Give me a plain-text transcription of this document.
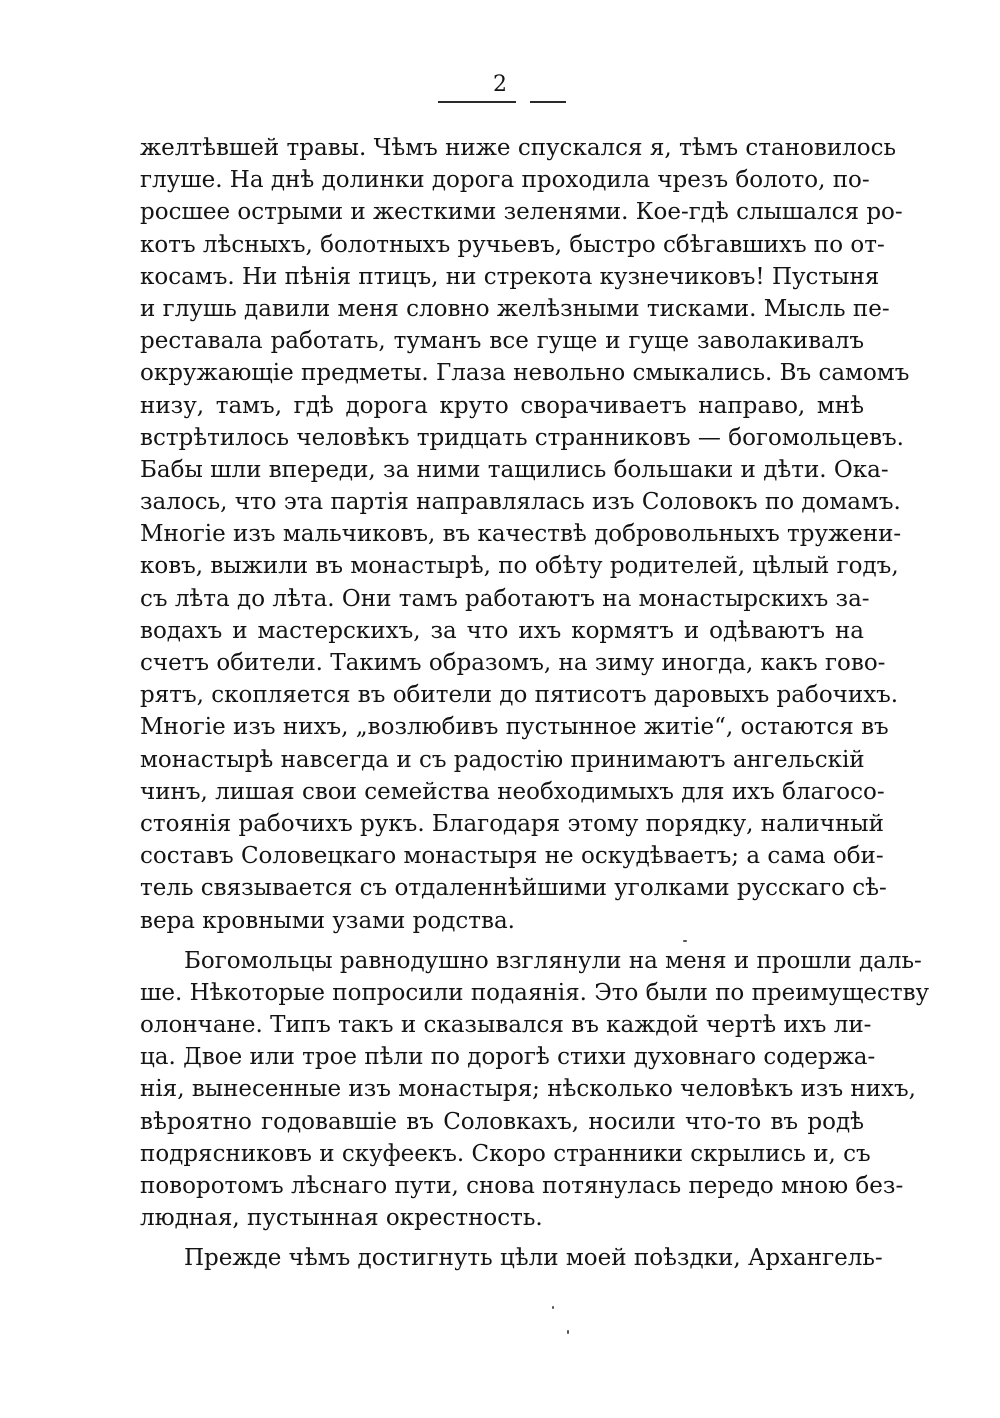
2
желтѣвшей травы. Чѣмъ ниже спускался я, тѣмъ становилось
глуше. На днѣ долинки дорога проходила чрезъ болото, по-
росшее острыми и жесткими зеленями. Кое-гдѣ слышался ро-
котъ лѣсныхъ, болотныхъ ручьевъ, быстро сбѣгавшихъ по от-
косамъ. Ни пѣнія птицъ, ни стрекота кузнечиковъ! Пустыня
и глушь давили меня словно желѣзными тисками. Мысль пе-
реставала работать, туманъ все гуще и гуще заволакивалъ
окружающіе предметы. Глаза невольно смыкались. Въ самомъ
низу, тамъ, гдѣ дорога круто сворачиваетъ направо, мнѣ
встрѣтилось человѣкъ тридцать странниковъ — богомольцевъ.
Бабы шли впереди, за ними тащились большаки и дѣти. Ока-
залось, что эта партія направлялась изъ Соловокъ по домамъ.
Многіе изъ мальчиковъ, въ качествѣ добровольныхъ тружени-
ковъ, выжили въ монастырѣ, по обѣту родителей, цѣлый годъ,
съ лѣта до лѣта. Они тамъ работаютъ на монастырскихъ за-
водахъ и мастерскихъ, за что ихъ кормятъ и одѣваютъ на
счетъ обители. Такимъ образомъ, на зиму иногда, какъ гово-
рятъ, скопляется въ обители до пятисотъ даровыхъ рабочихъ.
Многіе изъ нихъ, „возлюбивъ пустынное житіе“, остаются въ
монастырѣ навсегда и съ радостію принимаютъ ангельскій
чинъ, лишая свои семейства необходимыхъ для ихъ благосо-
стоянія рабочихъ рукъ. Благодаря этому порядку, наличный
составъ Соловецкаго монастыря не оскудѣваетъ; а сама оби-
тель связывается съ отдаленнѣйшими уголками русскаго сѣ-
вера кровными узами родства.
Богомольцы равнодушно взглянули на меня и прошли даль-
ше. Нѣкоторые попросили подаянія. Это были по преимуществу
олончане. Типъ такъ и сказывался въ каждой чертѣ ихъ ли-
ца. Двое или трое пѣли по дорогѣ стихи духовнаго содержа-
нія, вынесенные изъ монастыря; нѣсколько человѣкъ изъ нихъ,
вѣроятно годовавшіе въ Соловкахъ, носили что-то въ родѣ
подрясниковъ и скуфеекъ. Скоро странники скрылись и, съ
поворотомъ лѣснаго пути, снова потянулась передо мною без-
людная, пустынная окрестность.
Прежде чѣмъ достигнуть цѣли моей поѣздки, Архангель-
